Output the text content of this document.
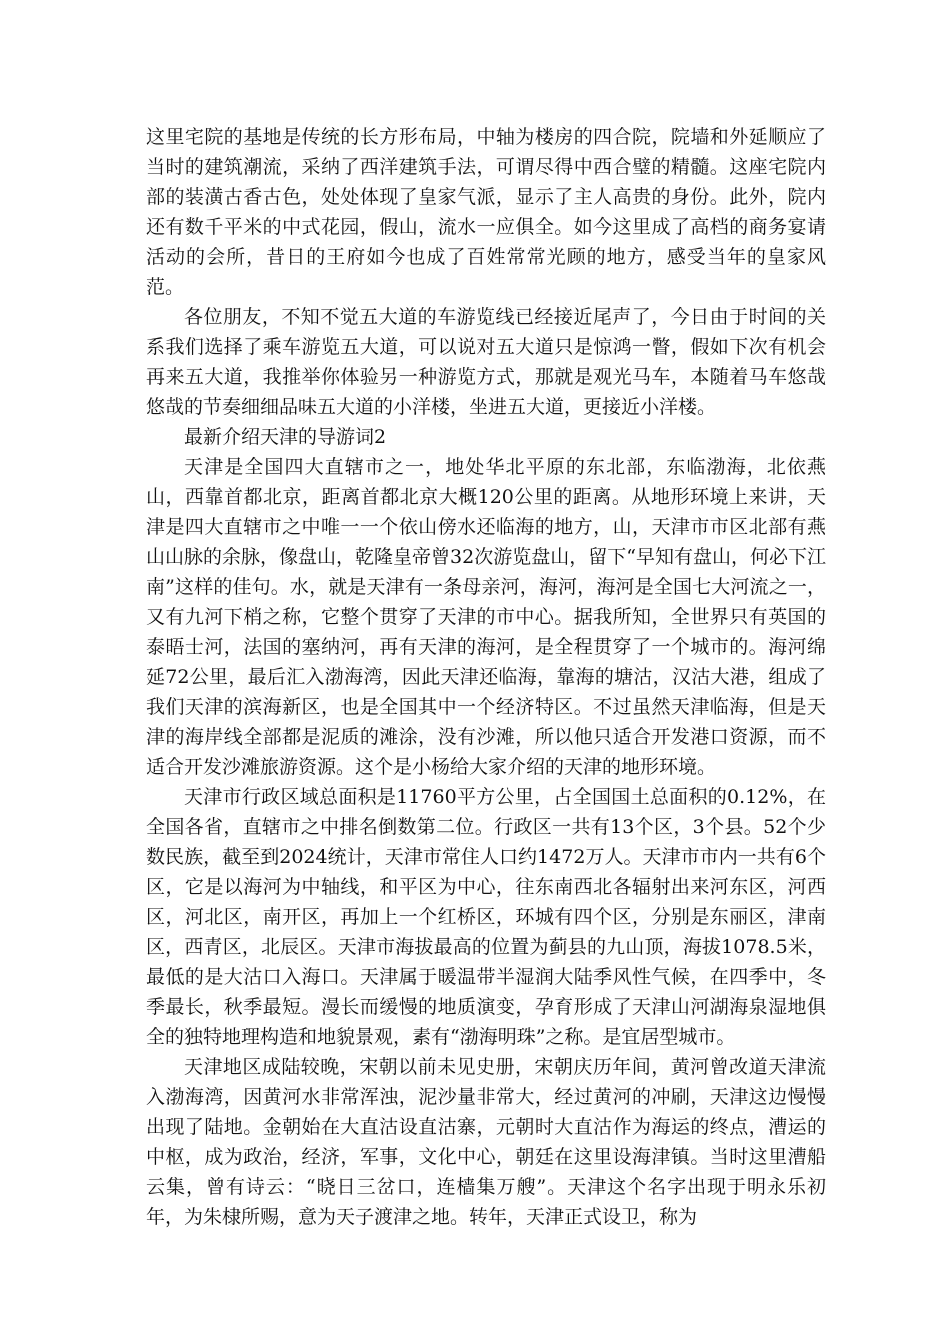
这里宅院的基地是传统的长方形布局，中轴为楼房的四合院，院墙和外延顺应了当时的建筑潮流，采纳了西洋建筑手法，可谓尽得中西合璧的精髓。这座宅院内部的装潢古香古色，处处体现了皇家气派，显示了主人高贵的身份。此外，院内还有数千平米的中式花园，假山，流水一应俱全。如今这里成了高档的商务宴请活动的会所，昔日的王府如今也成了百姓常常光顾的地方，感受当年的皇家风范。

各位朋友，不知不觉五大道的车游览线已经接近尾声了，今日由于时间的关系我们选择了乘车游览五大道，可以说对五大道只是惊鸿一瞥，假如下次有机会再来五大道，我推举你体验另一种游览方式，那就是观光马车，本随着马车悠哉悠哉的节奏细细品味五大道的小洋楼，坐进五大道，更接近小洋楼。

最新介绍天津的导游词2

天津是全国四大直辖市之一，地处华北平原的东北部，东临渤海，北依燕山，西靠首都北京，距离首都北京大概120公里的距离。从地形环境上来讲，天津是四大直辖市之中唯一一个依山傍水还临海的地方，山，天津市市区北部有燕山山脉的余脉，像盘山，乾隆皇帝曾32次游览盘山，留下“早知有盘山，何必下江南”这样的佳句。水，就是天津有一条母亲河，海河，海河是全国七大河流之一，又有九河下梢之称，它整个贯穿了天津的市中心。据我所知，全世界只有英国的泰晤士河，法国的塞纳河，再有天津的海河，是全程贯穿了一个城市的。海河绵延72公里，最后汇入渤海湾，因此天津还临海，靠海的塘沽，汉沽大港，组成了我们天津的滨海新区，也是全国其中一个经济特区。不过虽然天津临海，但是天津的海岸线全部都是泥质的滩涂，没有沙滩，所以他只适合开发港口资源，而不适合开发沙滩旅游资源。这个是小杨给大家介绍的天津的地形环境。

天津市行政区域总面积是11760平方公里，占全国国土总面积的0.12%，在全国各省，直辖市之中排名倒数第二位。行政区一共有13个区，3个县。52个少数民族，截至到2024统计，天津市常住人口约1472万人。天津市市内一共有6个区，它是以海河为中轴线，和平区为中心，往东南西北各辐射出来河东区，河西区，河北区，南开区，再加上一个红桥区，环城有四个区，分别是东丽区，津南区，西青区，北辰区。天津市海拔最高的位置为蓟县的九山顶，海拔1078.5米，最低的是大沽口入海口。天津属于暖温带半湿润大陆季风性气候，在四季中，冬季最长，秋季最短。漫长而缓慢的地质演变，孕育形成了天津山河湖海泉湿地俱全的独特地理构造和地貌景观，素有“渤海明珠”之称。是宜居型城市。

天津地区成陆较晚，宋朝以前未见史册，宋朝庆历年间，黄河曾改道天津流入渤海湾，因黄河水非常浑浊，泥沙量非常大，经过黄河的冲刷，天津这边慢慢出现了陆地。金朝始在大直沽设直沽寨，元朝时大直沽作为海运的终点，漕运的中枢，成为政治，经济，军事，文化中心，朝廷在这里设海津镇。当时这里漕船云集，曾有诗云：“晓日三岔口，连樯集万艘”。天津这个名字出现于明永乐初年，为朱棣所赐，意为天子渡津之地。转年，天津正式设卫，称为
